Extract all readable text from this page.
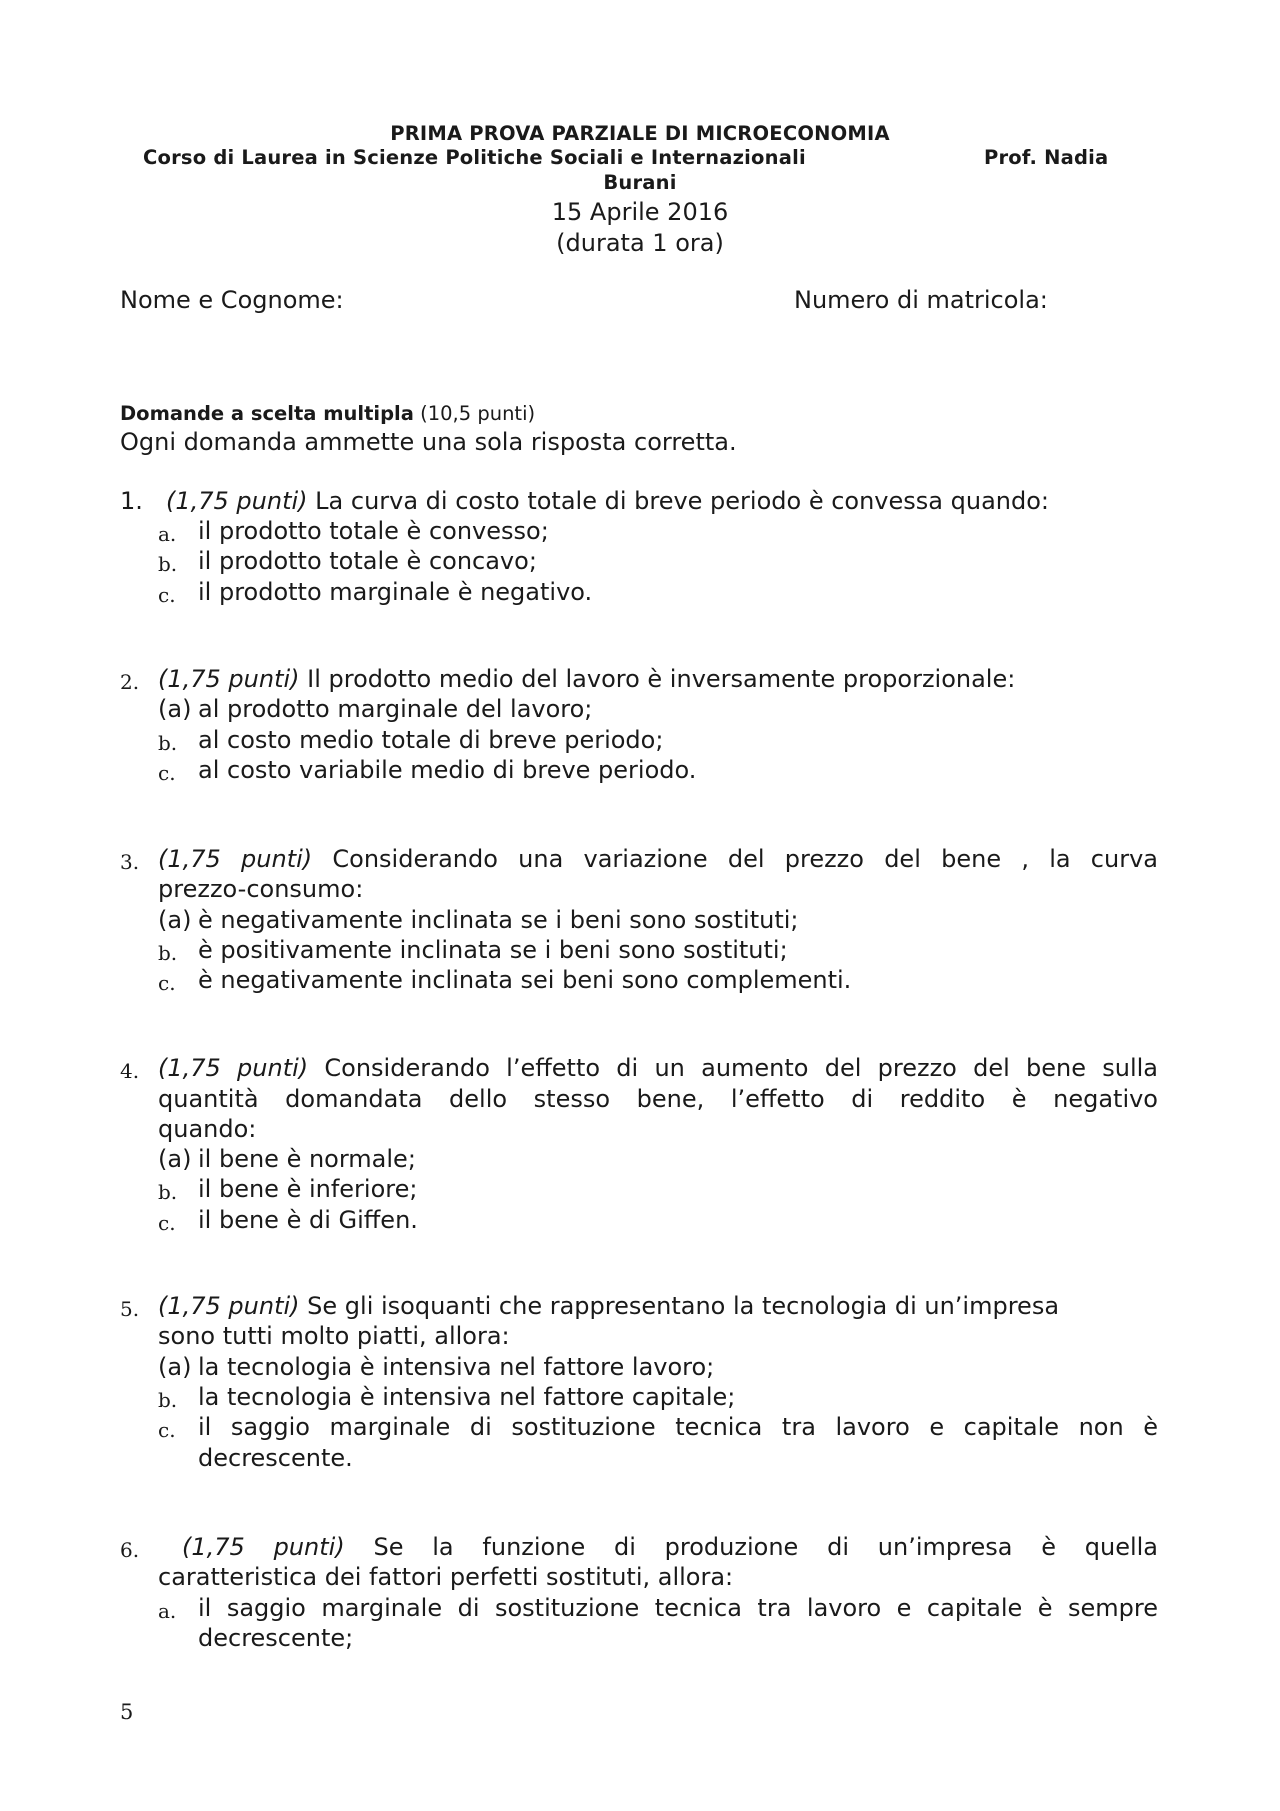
PRIMA PROVA PARZIALE DI MICROECONOMIA
Corso di Laurea in Scienze Politiche Sociali e Internazionali	Prof. Nadia
Burani
15 Aprile 2016
(durata 1 ora)
Nome e Cognome:	Numero di matricola:
Domande a scelta multipla (10,5 punti)
Ogni domanda ammette una sola risposta corretta.
1. (1,75 punti) La curva di costo totale di breve periodo è convessa quando:
a. il prodotto totale è convesso;
b. il prodotto totale è concavo;
c. il prodotto marginale è negativo.
2. (1,75 punti) Il prodotto medio del lavoro è inversamente proporzionale:
(a) al prodotto marginale del lavoro;
b. al costo medio totale di breve periodo;
c. al costo variabile medio di breve periodo.
3. (1,75 punti) Considerando una variazione del prezzo del bene , la curva
prezzo-consumo:
(a) è negativamente inclinata se i beni sono sostituti;
b. è positivamente inclinata se i beni sono sostituti;
c. è negativamente inclinata sei beni sono complementi.
4. (1,75 punti) Considerando l’effetto di un aumento del prezzo del bene sulla
quantità domandata dello stesso bene, l’effetto di reddito è negativo
quando:
(a) il bene è normale;
b. il bene è inferiore;
c. il bene è di Giffen.
5. (1,75 punti) Se gli isoquanti che rappresentano la tecnologia di un’impresa
sono tutti molto piatti, allora:
(a) la tecnologia è intensiva nel fattore lavoro;
b. la tecnologia è intensiva nel fattore capitale;
c. il saggio marginale di sostituzione tecnica tra lavoro e capitale non è
decrescente.
6. (1,75 punti) Se la funzione di produzione di un’impresa è quella
caratteristica dei fattori perfetti sostituti, allora:
a. il saggio marginale di sostituzione tecnica tra lavoro e capitale è sempre
decrescente;
5
